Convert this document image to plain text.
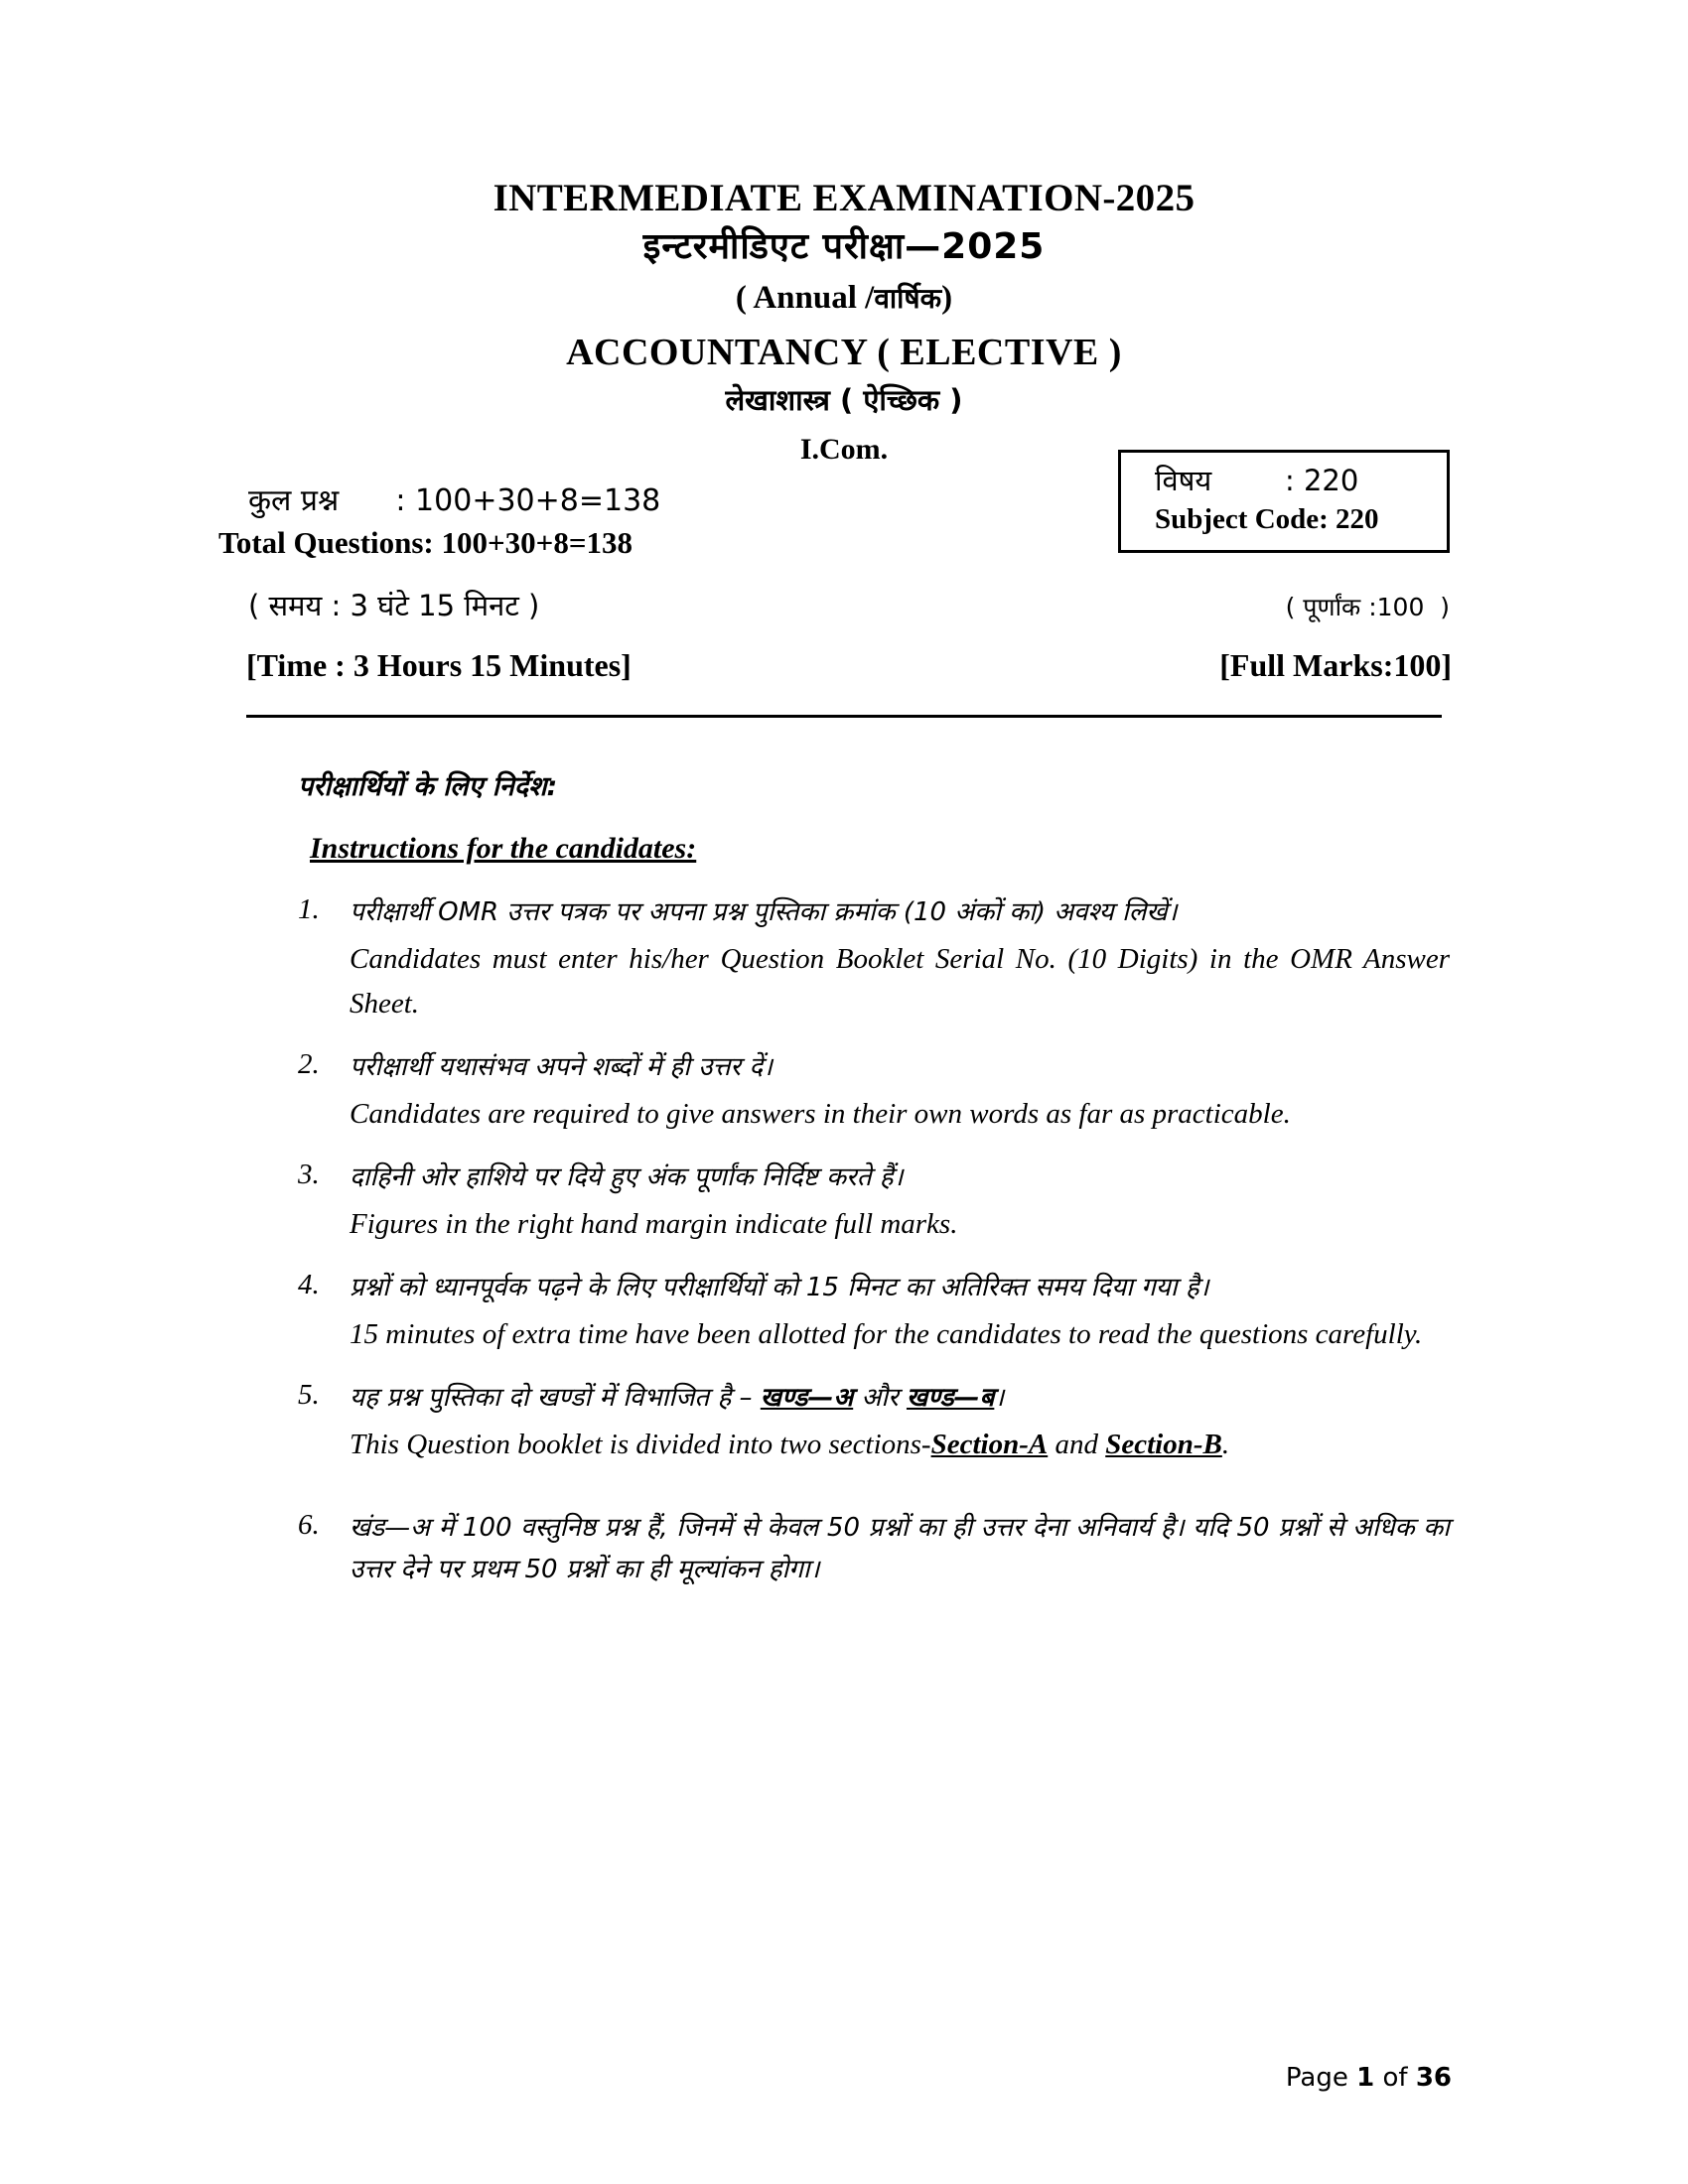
INTERMEDIATE EXAMINATION-2025
इन्टरमीडिएट परीक्षा—2025
( Annual /वार्षिक)
ACCOUNTANCY ( ELECTIVE )
लेखाशास्त्र ( ऐच्छिक )
I.Com.
कुल प्रश्न      : 100+30+8=138
Total Questions: 100+30+8=138
विषय        : 220
Subject Code: 220
( समय : 3 घंटे 15 मिनट )	( पूर्णांक :100  )
[Time : 3 Hours 15 Minutes]	[Full Marks:100]
परीक्षार्थियों के लिए निर्देश:
Instructions for the candidates:
1. परीक्षार्थी OMR उत्तर पत्रक पर अपना प्रश्न पुस्तिका क्रमांक (10 अंकों का) अवश्य लिखें।
Candidates must enter his/her Question Booklet Serial No. (10 Digits) in the OMR Answer Sheet.
2. परीक्षार्थी यथासंभव अपने शब्दों में ही उत्तर दें।
Candidates are required to give answers in their own words as far as practicable.
3. दाहिनी ओर हाशिये पर दिये हुए अंक पूर्णांक निर्दिष्ट करते हैं।
Figures in the right hand margin indicate full marks.
4. प्रश्नों को ध्यानपूर्वक पढ़ने के लिए परीक्षार्थियों को 15 मिनट का अतिरिक्त समय दिया गया है।
15 minutes of extra time have been allotted for the candidates to read the questions carefully.
5. यह प्रश्न पुस्तिका दो खण्डों में विभाजित है – खण्ड—अ और खण्ड—ब।
This Question booklet is divided into two sections-Section-A and Section-B.
6. खंड—अ में 100 वस्तुनिष्ठ प्रश्न हैं, जिनमें से केवल 50 प्रश्नों का ही उत्तर देना अनिवार्य है। यदि 50 प्रश्नों से अधिक का उत्तर देने पर प्रथम 50 प्रश्नों का ही मूल्यांकन होगा।
Page 1 of 36
